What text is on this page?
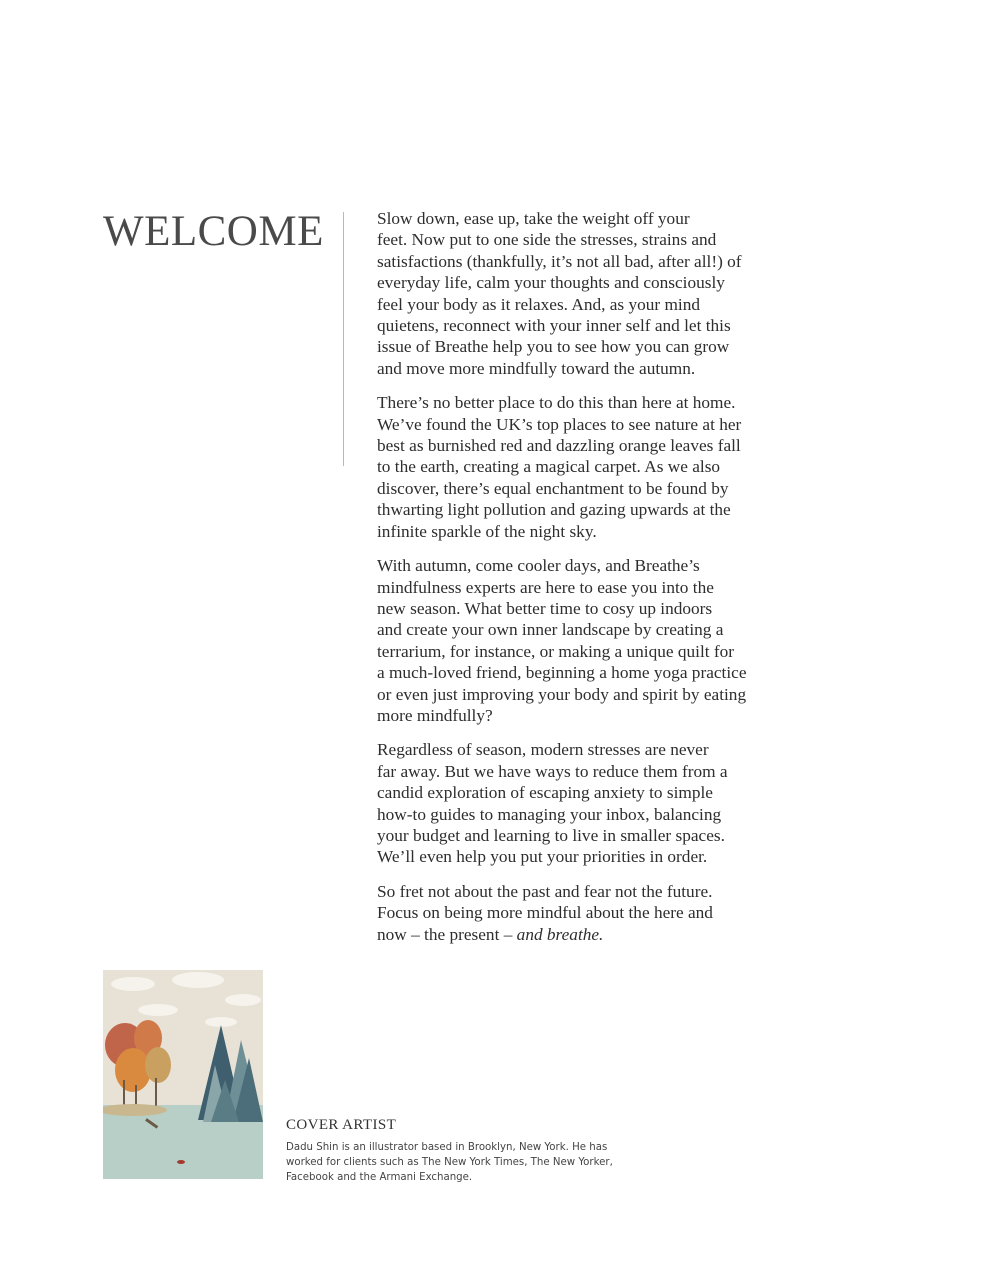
WELCOME	Slow down, ease up, take the weight off your
feet. Now put to one side the stresses, strains and
satisfactions (thankfully, it’s not all bad, after all!) of
everyday life, calm your thoughts and consciously
feel your body as it relaxes. And, as your mind
quietens, reconnect with your inner self and let this
issue of Breathe help you to see how you can grow
and move more mindfully toward the autumn.

There’s no better place to do this than here at home.
We’ve found the UK’s top places to see nature at her
best as burnished red and dazzling orange leaves fall
to the earth, creating a magical carpet. As we also
discover, there’s equal enchantment to be found by
thwarting light pollution and gazing upwards at the
infinite sparkle of the night sky.

With autumn, come cooler days, and Breathe’s
mindfulness experts are here to ease you into the
new season. What better time to cosy up indoors
and create your own inner landscape by creating a
terrarium, for instance, or making a unique quilt for
a much-loved friend, beginning a home yoga practice
or even just improving your body and spirit by eating
more mindfully?

Regardless of season, modern stresses are never
far away. But we have ways to reduce them from a
candid exploration of escaping anxiety to simple
how-to guides to managing your inbox, balancing
your budget and learning to live in smaller spaces.
We’ll even help you put your priorities in order.

So fret not about the past and fear not the future.
Focus on being more mindful about the here and
now – the present – and breathe.

COVER ARTIST
Dadu Shin is an illustrator based in Brooklyn, New York. He has
worked for clients such as The New York Times, The New Yorker,
Facebook and the Armani Exchange.
